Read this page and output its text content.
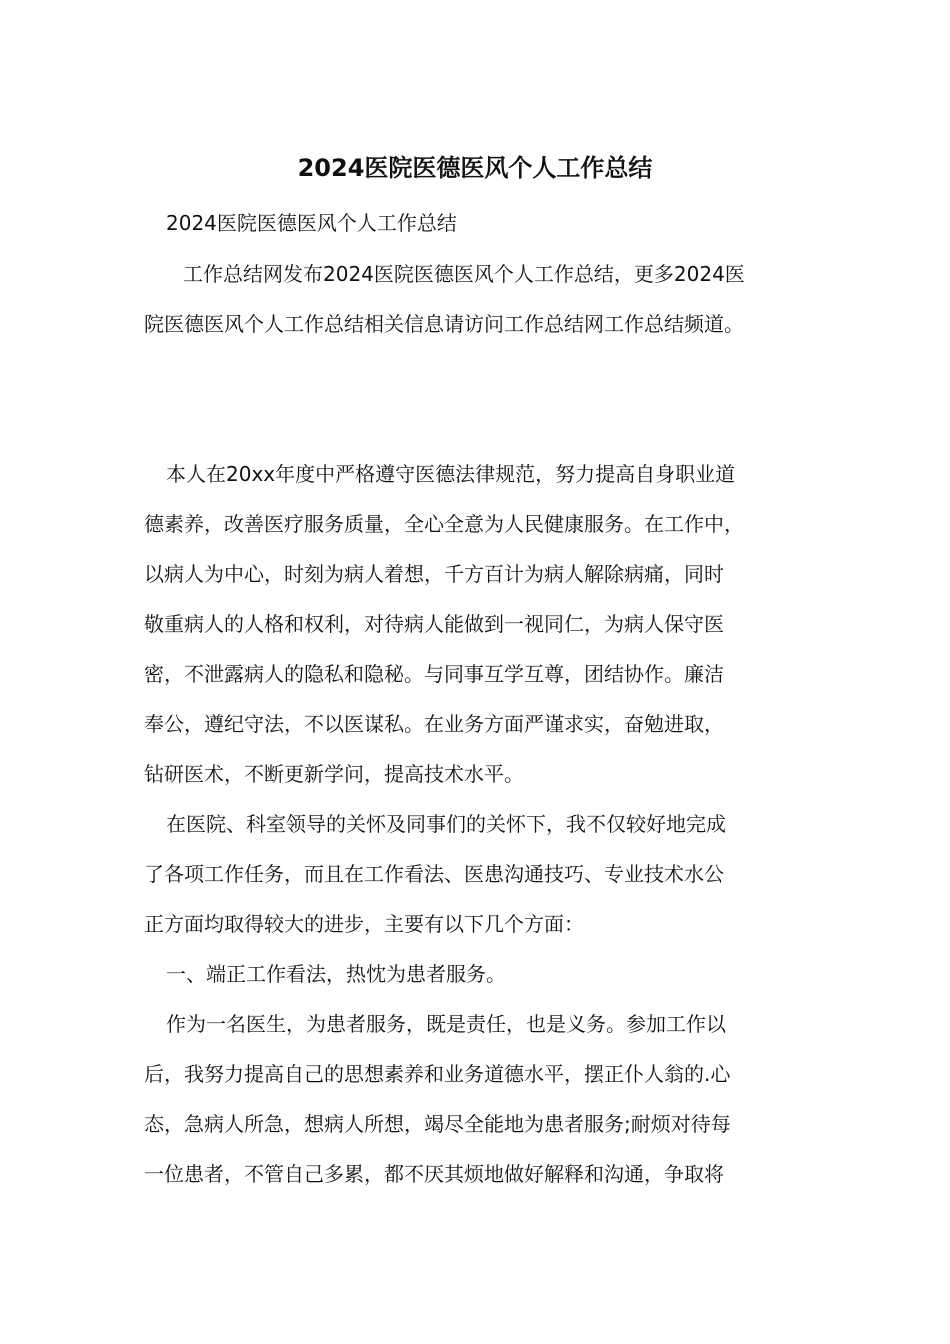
2024医院医德医风个人工作总结
2024医院医德医风个人工作总结
工作总结网发布2024医院医德医风个人工作总结，更多2024医
院医德医风个人工作总结相关信息请访问工作总结网工作总结频道。
本人在20xx年度中严格遵守医德法律规范，努力提高自身职业道
德素养，改善医疗服务质量，全心全意为人民健康服务。在工作中，
以病人为中心，时刻为病人着想，千方百计为病人解除病痛，同时
敬重病人的人格和权利，对待病人能做到一视同仁，为病人保守医
密，不泄露病人的隐私和隐秘。与同事互学互尊，团结协作。廉洁
奉公，遵纪守法，不以医谋私。在业务方面严谨求实，奋勉进取，
钻研医术，不断更新学问，提高技术水平。
在医院、科室领导的关怀及同事们的关怀下，我不仅较好地完成
了各项工作任务，而且在工作看法、医患沟通技巧、专业技术水公
正方面均取得较大的进步，主要有以下几个方面：
一、端正工作看法，热忱为患者服务。
作为一名医生，为患者服务，既是责任，也是义务。参加工作以
后，我努力提高自己的思想素养和业务道德水平，摆正仆人翁的.心
态，急病人所急，想病人所想，竭尽全能地为患者服务;耐烦对待每
一位患者，不管自己多累，都不厌其烦地做好解释和沟通，争取将
